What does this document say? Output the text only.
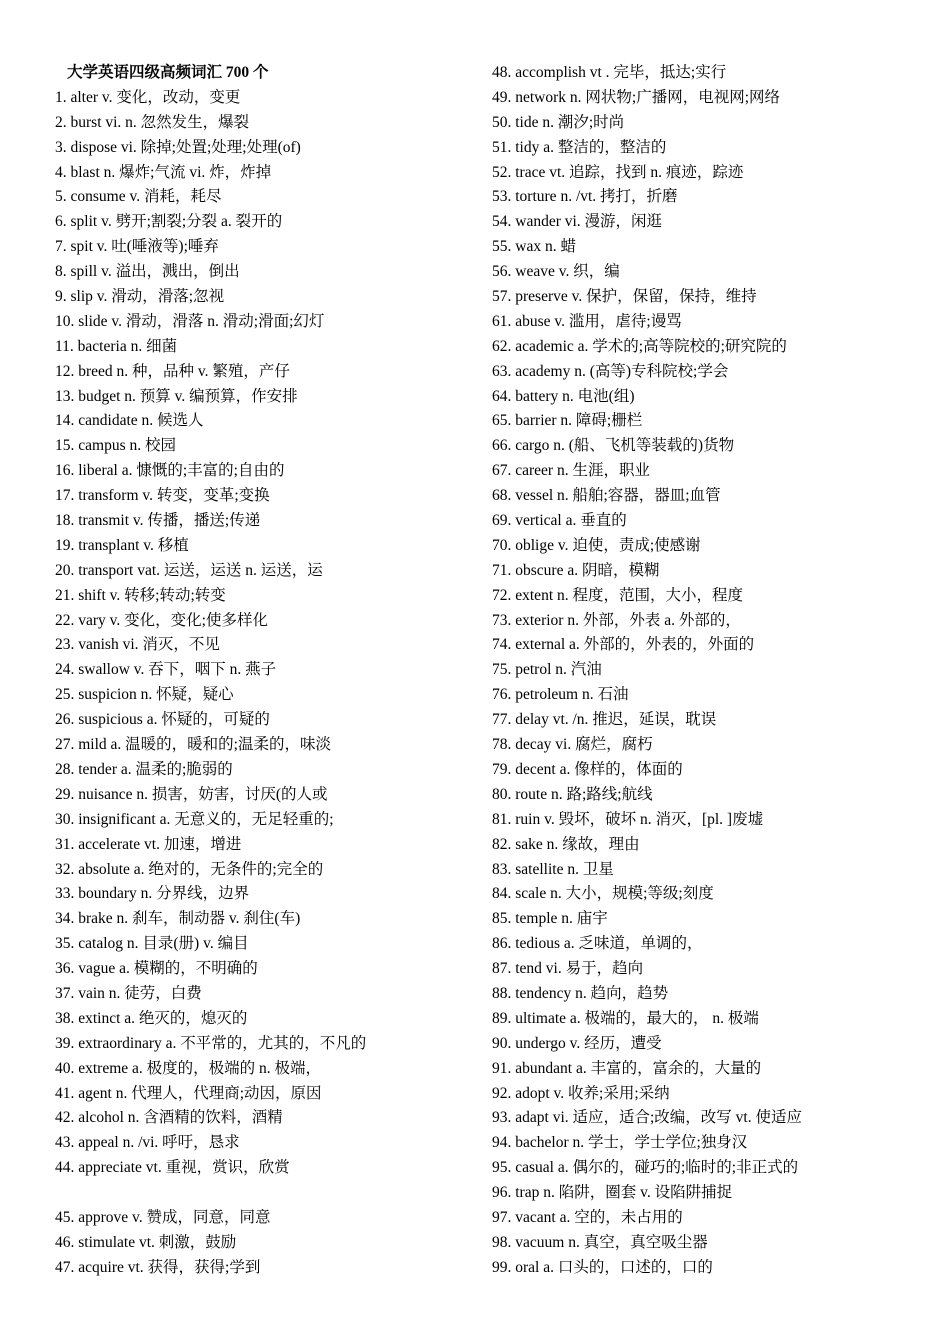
大学英语四级高频词汇 700 个
1. alter v. 变化，改动，变更
2. burst vi. n. 忽然发生，爆裂
3. dispose vi. 除掉;处置;处理;处理(of)
4. blast n. 爆炸;气流 vi. 炸，炸掉
5. consume v. 消耗，耗尽
6. split v. 劈开;割裂;分裂 a. 裂开的
7. spit v. 吐(唾液等);唾弃
8. spill v. 溢出，溅出，倒出
9. slip v. 滑动，滑落;忽视
10. slide v. 滑动，滑落 n. 滑动;滑面;幻灯
11. bacteria n. 细菌
12. breed n. 种，品种 v. 繁殖，产仔
13. budget n. 预算 v. 编预算，作安排
14. candidate n. 候选人
15. campus n. 校园
16. liberal a. 慷慨的;丰富的;自由的
17. transform v. 转变，变革;变换
18. transmit v. 传播，播送;传递
19. transplant v. 移植
20. transport vat. 运送，运送 n. 运送，运
21. shift v. 转移;转动;转变
22. vary v. 变化，变化;使多样化
23. vanish vi. 消灭，不见
24. swallow v. 吞下，咽下 n. 燕子
25. suspicion n. 怀疑，疑心
26. suspicious a. 怀疑的，可疑的
27. mild a. 温暖的，暖和的;温柔的，味淡
28. tender a. 温柔的;脆弱的
29. nuisance n. 损害，妨害，讨厌(的人或
30. insignificant a. 无意义的，无足轻重的;
31. accelerate vt. 加速，增进
32. absolute a. 绝对的，无条件的;完全的
33. boundary n. 分界线，边界
34. brake n. 刹车，制动器 v. 刹住(车)
35. catalog n. 目录(册) v. 编目
36. vague a. 模糊的，不明确的
37. vain n. 徒劳，白费
38. extinct a. 绝灭的，熄灭的
39. extraordinary a. 不平常的，尤其的，不凡的
40. extreme a. 极度的，极端的 n. 极端，
41. agent n. 代理人，代理商;动因，原因
42. alcohol n. 含酒精的饮料，酒精
43. appeal n. /vi. 呼吁，恳求
44. appreciate vt. 重视，赏识，欣赏
45. approve v. 赞成，同意，同意
46. stimulate vt. 刺激，鼓励
47. acquire vt. 获得，获得;学到
48. accomplish vt . 完毕，抵达;实行
49. network n. 网状物;广播网，电视网;网络
50. tide n. 潮汐;时尚
51. tidy a. 整洁的，整洁的
52. trace vt. 追踪，找到 n. 痕迹，踪迹
53. torture n. /vt. 拷打，折磨
54. wander vi. 漫游，闲逛
55. wax n. 蜡
56. weave v. 织，编
57. preserve v. 保护，保留，保持，维持
61. abuse v. 滥用，虐待;谩骂
62. academic a. 学术的;高等院校的;研究院的
63. academy n. (高等)专科院校;学会
64. battery n. 电池(组)
65. barrier n. 障碍;栅栏
66. cargo n. (船、飞机等装载的)货物
67. career n. 生涯，职业
68. vessel n. 船舶;容器，器皿;血管
69. vertical a. 垂直的
70. oblige v. 迫使，责成;使感谢
71. obscure a. 阴暗，模糊
72. extent n. 程度，范围，大小，程度
73. exterior n. 外部，外表 a. 外部的，
74. external a. 外部的，外表的，外面的
75. petrol n. 汽油
76. petroleum n. 石油
77. delay vt. /n. 推迟，延误，耽误
78. decay vi. 腐烂，腐朽
79. decent a. 像样的，体面的
80. route n. 路;路线;航线
81. ruin v. 毁坏，破坏 n. 消灭，[pl. ]废墟
82. sake n. 缘故，理由
83. satellite n. 卫星
84. scale n. 大小，规模;等级;刻度
85. temple n. 庙宇
86. tedious a. 乏味道，单调的，
87. tend vi. 易于，趋向
88. tendency n. 趋向，趋势
89. ultimate a. 极端的，最大的， n. 极端
90. undergo v. 经历，遭受
91. abundant a. 丰富的，富余的，大量的
92. adopt v. 收养;采用;采纳
93. adapt vi. 适应，适合;改编，改写 vt. 使适应
94. bachelor n. 学士，学士学位;独身汉
95. casual a. 偶尔的，碰巧的;临时的;非正式的
96. trap n. 陷阱，圈套 v. 设陷阱捕捉
97. vacant a. 空的，未占用的
98. vacuum n. 真空，真空吸尘器
99. oral a. 口头的，口述的，口的
